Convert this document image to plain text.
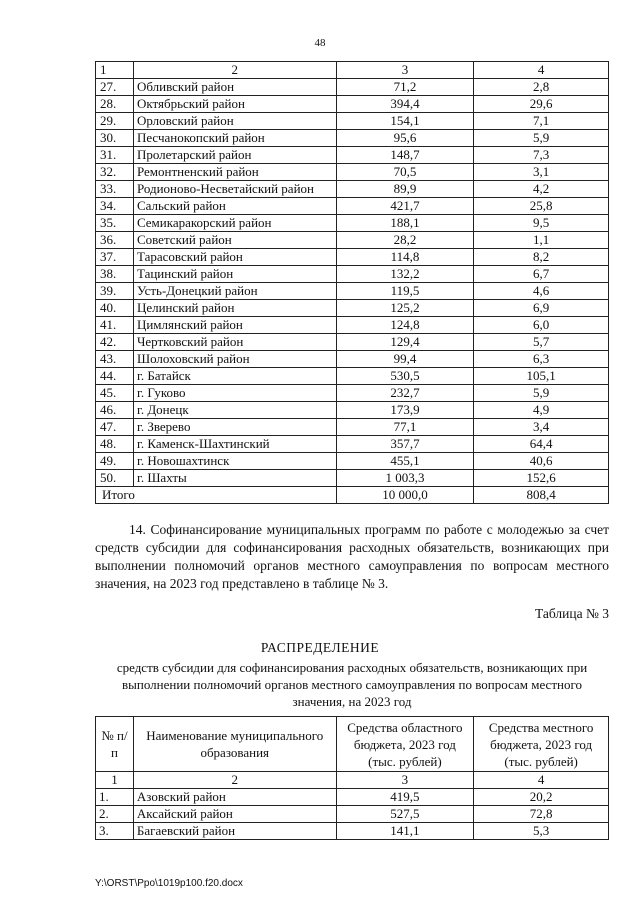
48
1	2	3	4
27.	Обливский район	71,2	2,8
28.	Октябрьский район	394,4	29,6
29.	Орловский район	154,1	7,1
30.	Песчанокопский район	95,6	5,9
31.	Пролетарский район	148,7	7,3
32.	Ремонтненский район	70,5	3,1
33.	Родионово-Несветайский район	89,9	4,2
34.	Сальский район	421,7	25,8
35.	Семикаракорский район	188,1	9,5
36.	Советский район	28,2	1,1
37.	Тарасовский район	114,8	8,2
38.	Тацинский район	132,2	6,7
39.	Усть-Донецкий район	119,5	4,6
40.	Целинский район	125,2	6,9
41.	Цимлянский район	124,8	6,0
42.	Чертковский район	129,4	5,7
43.	Шолоховский район	99,4	6,3
44.	г. Батайск	530,5	105,1
45.	г. Гуково	232,7	5,9
46.	г. Донецк	173,9	4,9
47.	г. Зверево	77,1	3,4
48.	г. Каменск-Шахтинский	357,7	64,4
49.	г. Новошахтинск	455,1	40,6
50.	г. Шахты	1 003,3	152,6
Итого		10 000,0	808,4
14. Софинансирование муниципальных программ по работе с молодежью за счет средств субсидии для софинансирования расходных обязательств, возникающих при выполнении полномочий органов местного самоуправления по вопросам местного значения, на 2023 год представлено в таблице № 3.
Таблица № 3
РАСПРЕДЕЛЕНИЕ
средств субсидии для софинансирования расходных обязательств, возникающих при выполнении полномочий органов местного самоуправления по вопросам местного значения, на 2023 год
№ п/п	Наименование муниципального образования	Средства областного бюджета, 2023 год (тыс. рублей)	Средства местного бюджета, 2023 год (тыс. рублей)
1	2	3	4
1.	Азовский район	419,5	20,2
2.	Аксайский район	527,5	72,8
3.	Багаевский район	141,1	5,3
Y:\ORST\Ppo\1019p100.f20.docx
